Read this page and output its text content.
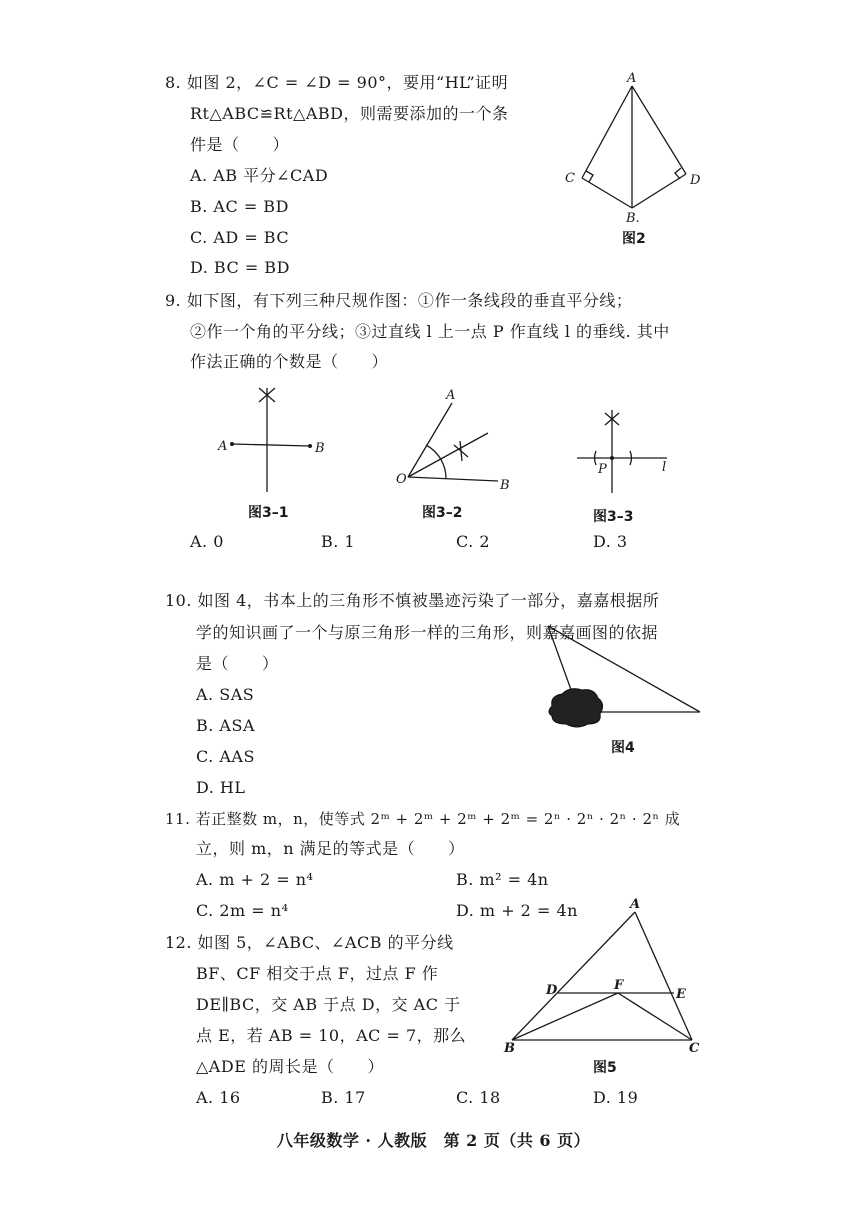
8. 如图 2，∠C = ∠D = 90°，要用“HL”证明
Rt△ABC≌Rt△ABD，则需要添加的一个条
件是（　　）
A. AB 平分∠CAD
B. AC = BD
C. AD = BC
D. BC = BD
A
B.
C	D
图2
9. 如下图，有下列三种尺规作图：①作一条线段的垂直平分线；
②作一个角的平分线；③过直线 l 上一点 P 作直线 l 的垂线. 其中
作法正确的个数是（　　）
A	B
图3–1
A
O	B
图3–2
P	l
图3–3
A. 0	B. 1	C. 2	D. 3
10. 如图 4，书本上的三角形不慎被墨迹污染了一部分，嘉嘉根据所
学的知识画了一个与原三角形一样的三角形，则嘉嘉画图的依据
是（　　）
A. SAS
B. ASA
C. AAS
D. HL
图4
11. 若正整数 m，n，使等式 2ᵐ + 2ᵐ + 2ᵐ + 2ᵐ = 2ⁿ · 2ⁿ · 2ⁿ · 2ⁿ 成
立，则 m，n 满足的等式是（　　）
A. m + 2 = n⁴	B. m² = 4n
C. 2m = n⁴	D. m + 2 = 4n
12. 如图 5，∠ABC、∠ACB 的平分线
BF、CF 相交于点 F，过点 F 作
DE∥BC，交 AB 于点 D，交 AC 于
点 E，若 AB = 10，AC = 7，那么
△ADE 的周长是（　　）
A
D	F
E
B	C
图5
A. 16	B. 17	C. 18	D. 19
八年级数学 · 人教版　第 2 页（共 6 页）
